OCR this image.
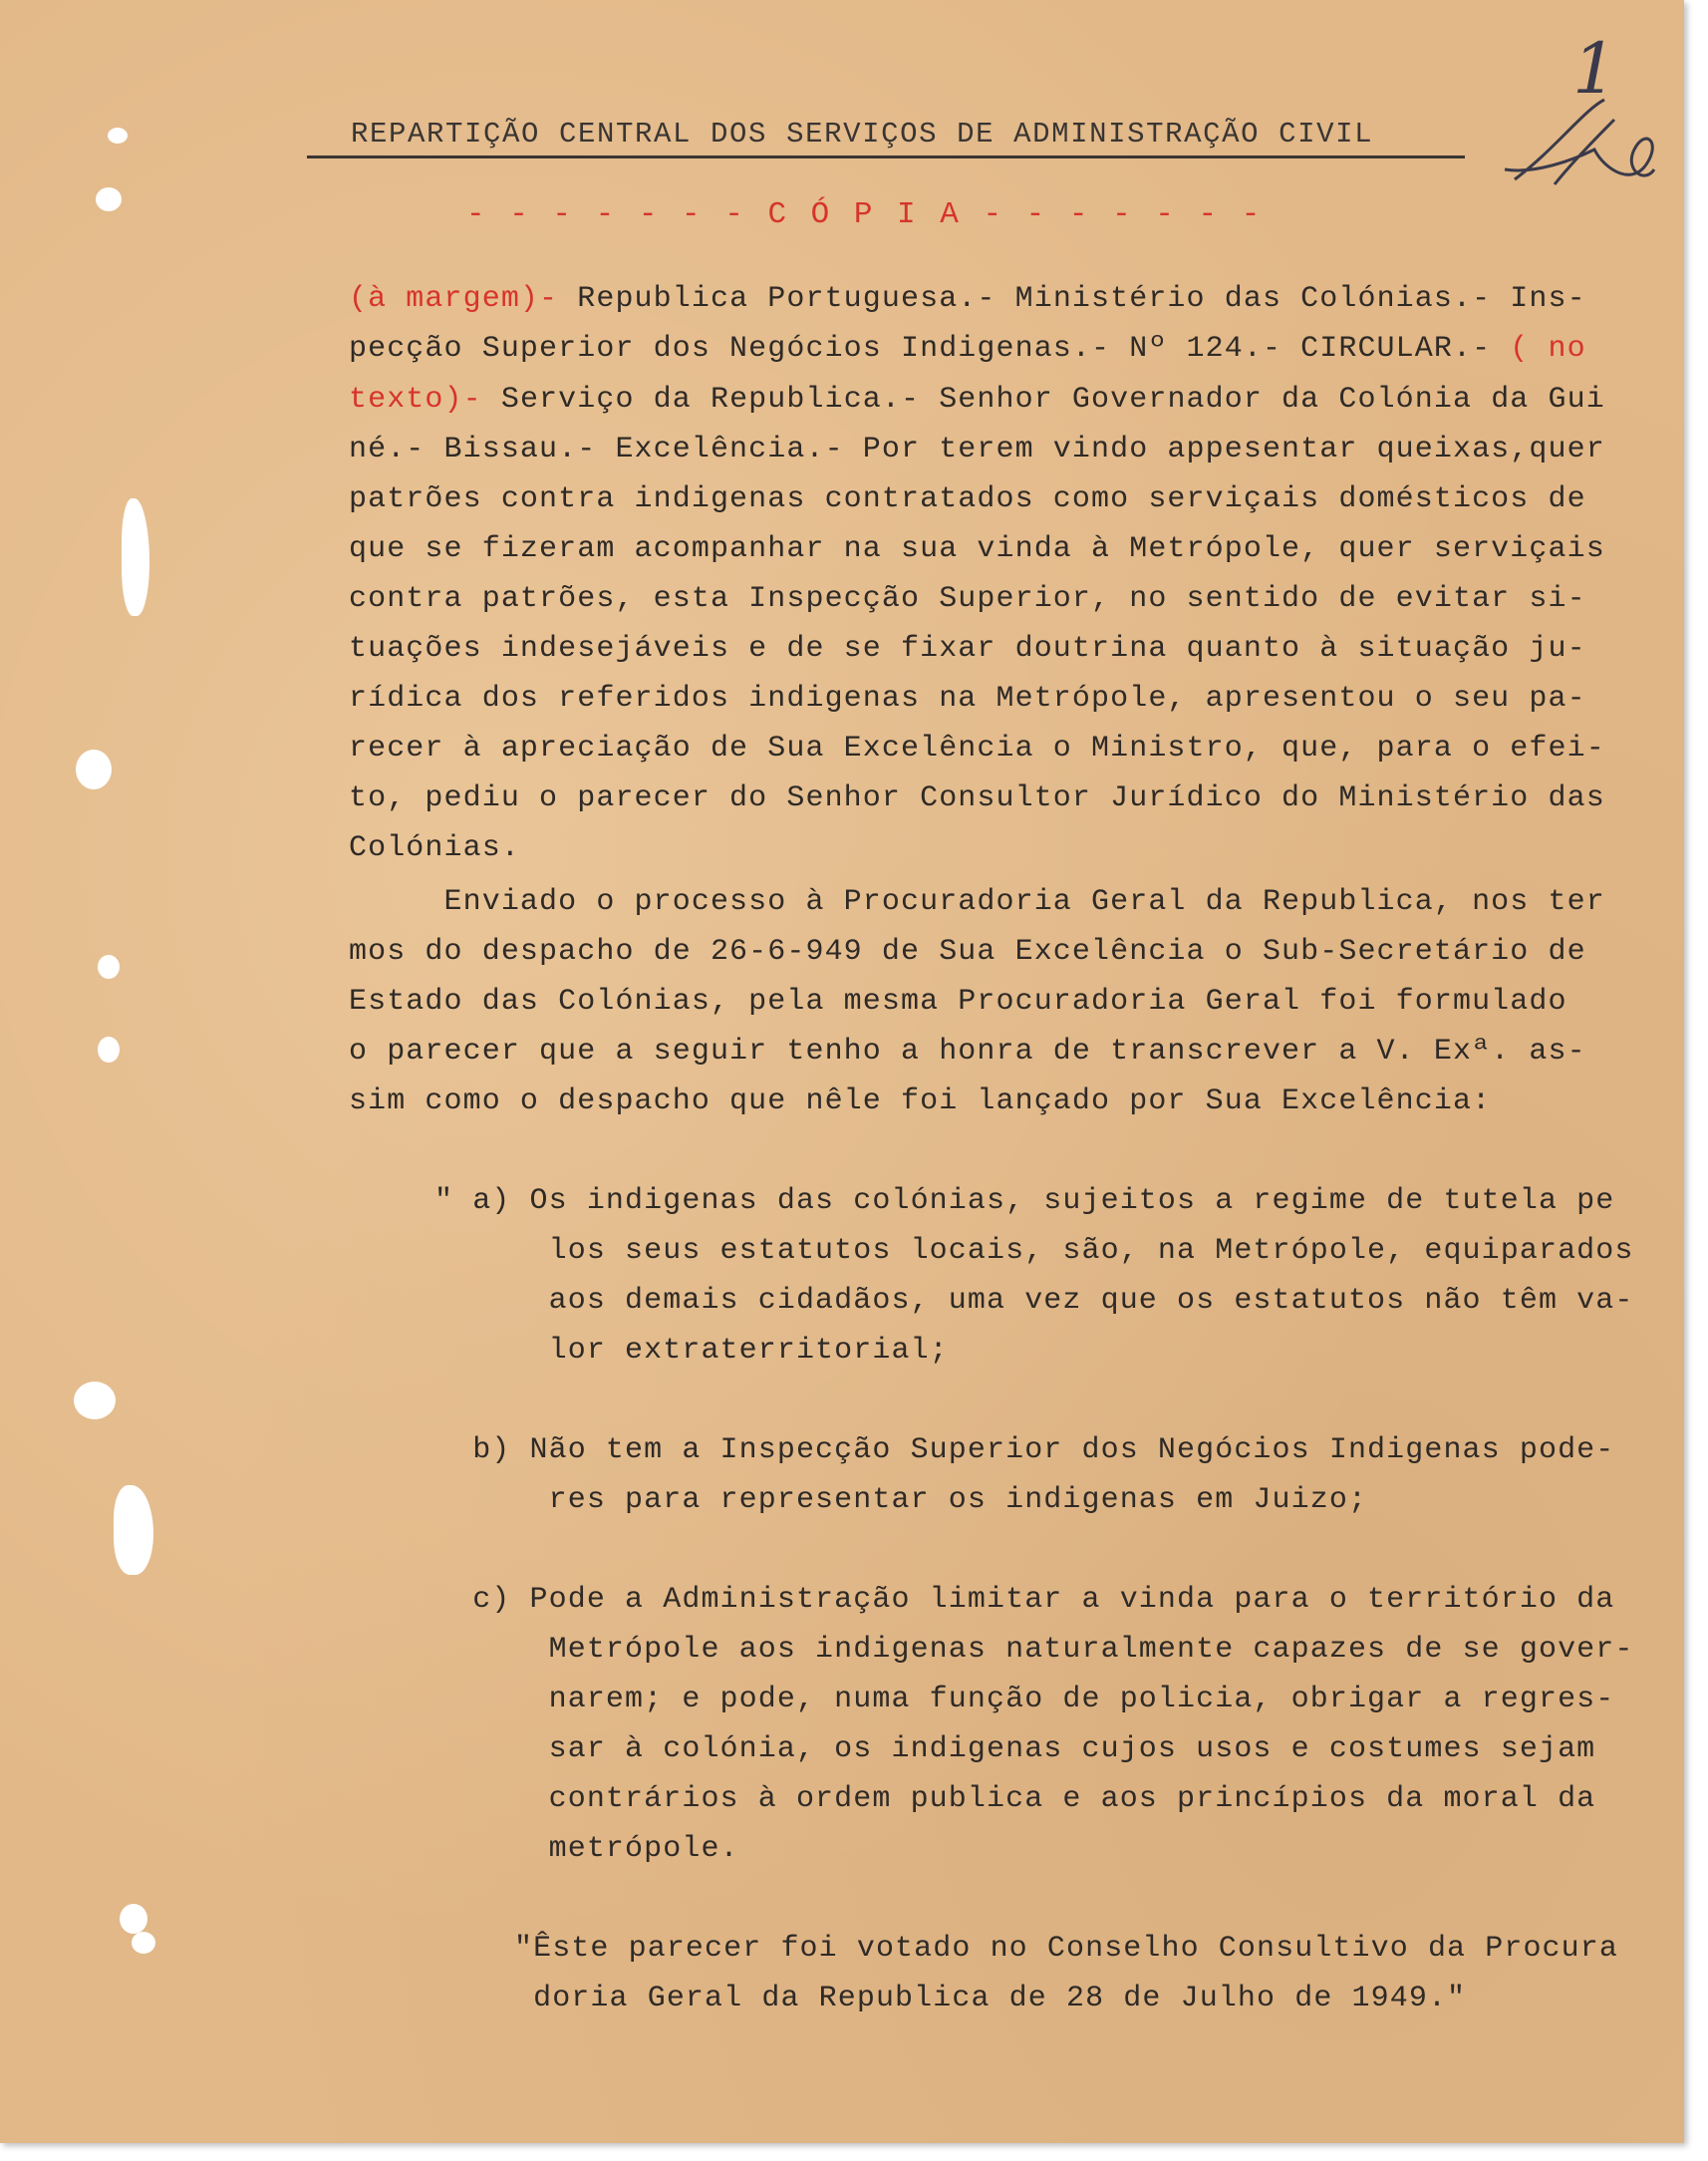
1
REPARTIÇÃO CENTRAL DOS SERVIÇOS DE ADMINISTRAÇÃO CIVIL
- - - - - - - C Ó P I A - - - - - - -
(à margem)- Republica Portuguesa.- Ministério das Colónias.- Ins-
pecção Superior dos Negócios Indigenas.- Nº 124.- CIRCULAR.- ( no
texto)- Serviço da Republica.- Senhor Governador da Colónia da Gui
né.- Bissau.- Excelência.- Por terem vindo appesentar queixas,quer
patrões contra indigenas contratados como serviçais domésticos de
que se fizeram acompanhar na sua vinda à Metrópole, quer serviçais
contra patrões, esta Inspecção Superior, no sentido de evitar si-
tuações indesejáveis e de se fixar doutrina quanto à situação ju-
rídica dos referidos indigenas na Metrópole, apresentou o seu pa-
recer à apreciação de Sua Excelência o Ministro, que, para o efei-
to, pediu o parecer do Senhor Consultor Jurídico do Ministério das
Colónias.
Enviado o processo à Procuradoria Geral da Republica, nos ter
mos do despacho de 26-6-949 de Sua Excelência o Sub-Secretário de
Estado das Colónias, pela mesma Procuradoria Geral foi formulado
o parecer que a seguir tenho a honra de transcrever a V. Exª. as-
sim como o despacho que nêle foi lançado por Sua Excelência:
" a) Os indigenas das colónias, sujeitos a regime de tutela pe
los seus estatutos locais, são, na Metrópole, equiparados
aos demais cidadãos, uma vez que os estatutos não têm va-
lor extraterritorial;
b) Não tem a Inspecção Superior dos Negócios Indigenas pode-
res para representar os indigenas em Juizo;
c) Pode a Administração limitar a vinda para o território da
Metrópole aos indigenas naturalmente capazes de se gover-
narem; e pode, numa função de policia, obrigar a regres-
sar à colónia, os indigenas cujos usos e costumes sejam
contrários à ordem publica e aos princípios da moral da
metrópole.
"Êste parecer foi votado no Conselho Consultivo da Procura
doria Geral da Republica de 28 de Julho de 1949."
